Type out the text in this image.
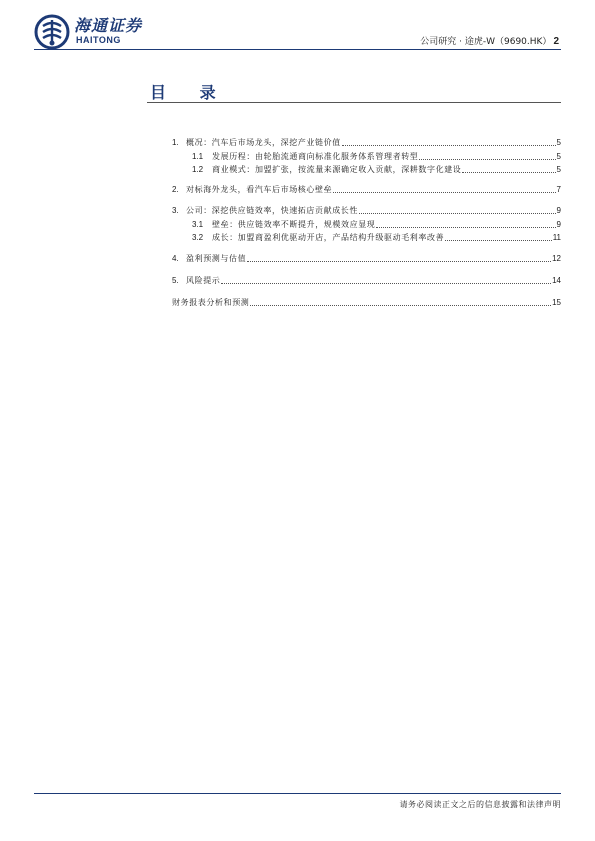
海通证券
HAITONG	公司研究 · 途虎-W（9690.HK） 2
目 录
1. 概况：汽车后市场龙头，深挖产业链价值	5
1.1	发展历程：由轮胎流通商向标准化服务体系管理者转型	5
1.2	商业模式：加盟扩张，按流量来源确定收入贡献，深耕数字化建设	5
2. 对标海外龙头，看汽车后市场核心壁垒	7
3. 公司：深挖供应链效率，快速拓店贡献成长性	9
3.1	壁垒：供应链效率不断提升，规模效应显现	9
3.2	成长：加盟商盈利优驱动开店，产品结构升级驱动毛利率改善	11
4. 盈利预测与估值	12
5. 风险提示	14
财务报表分析和预测	15
请务必阅读正文之后的信息披露和法律声明
